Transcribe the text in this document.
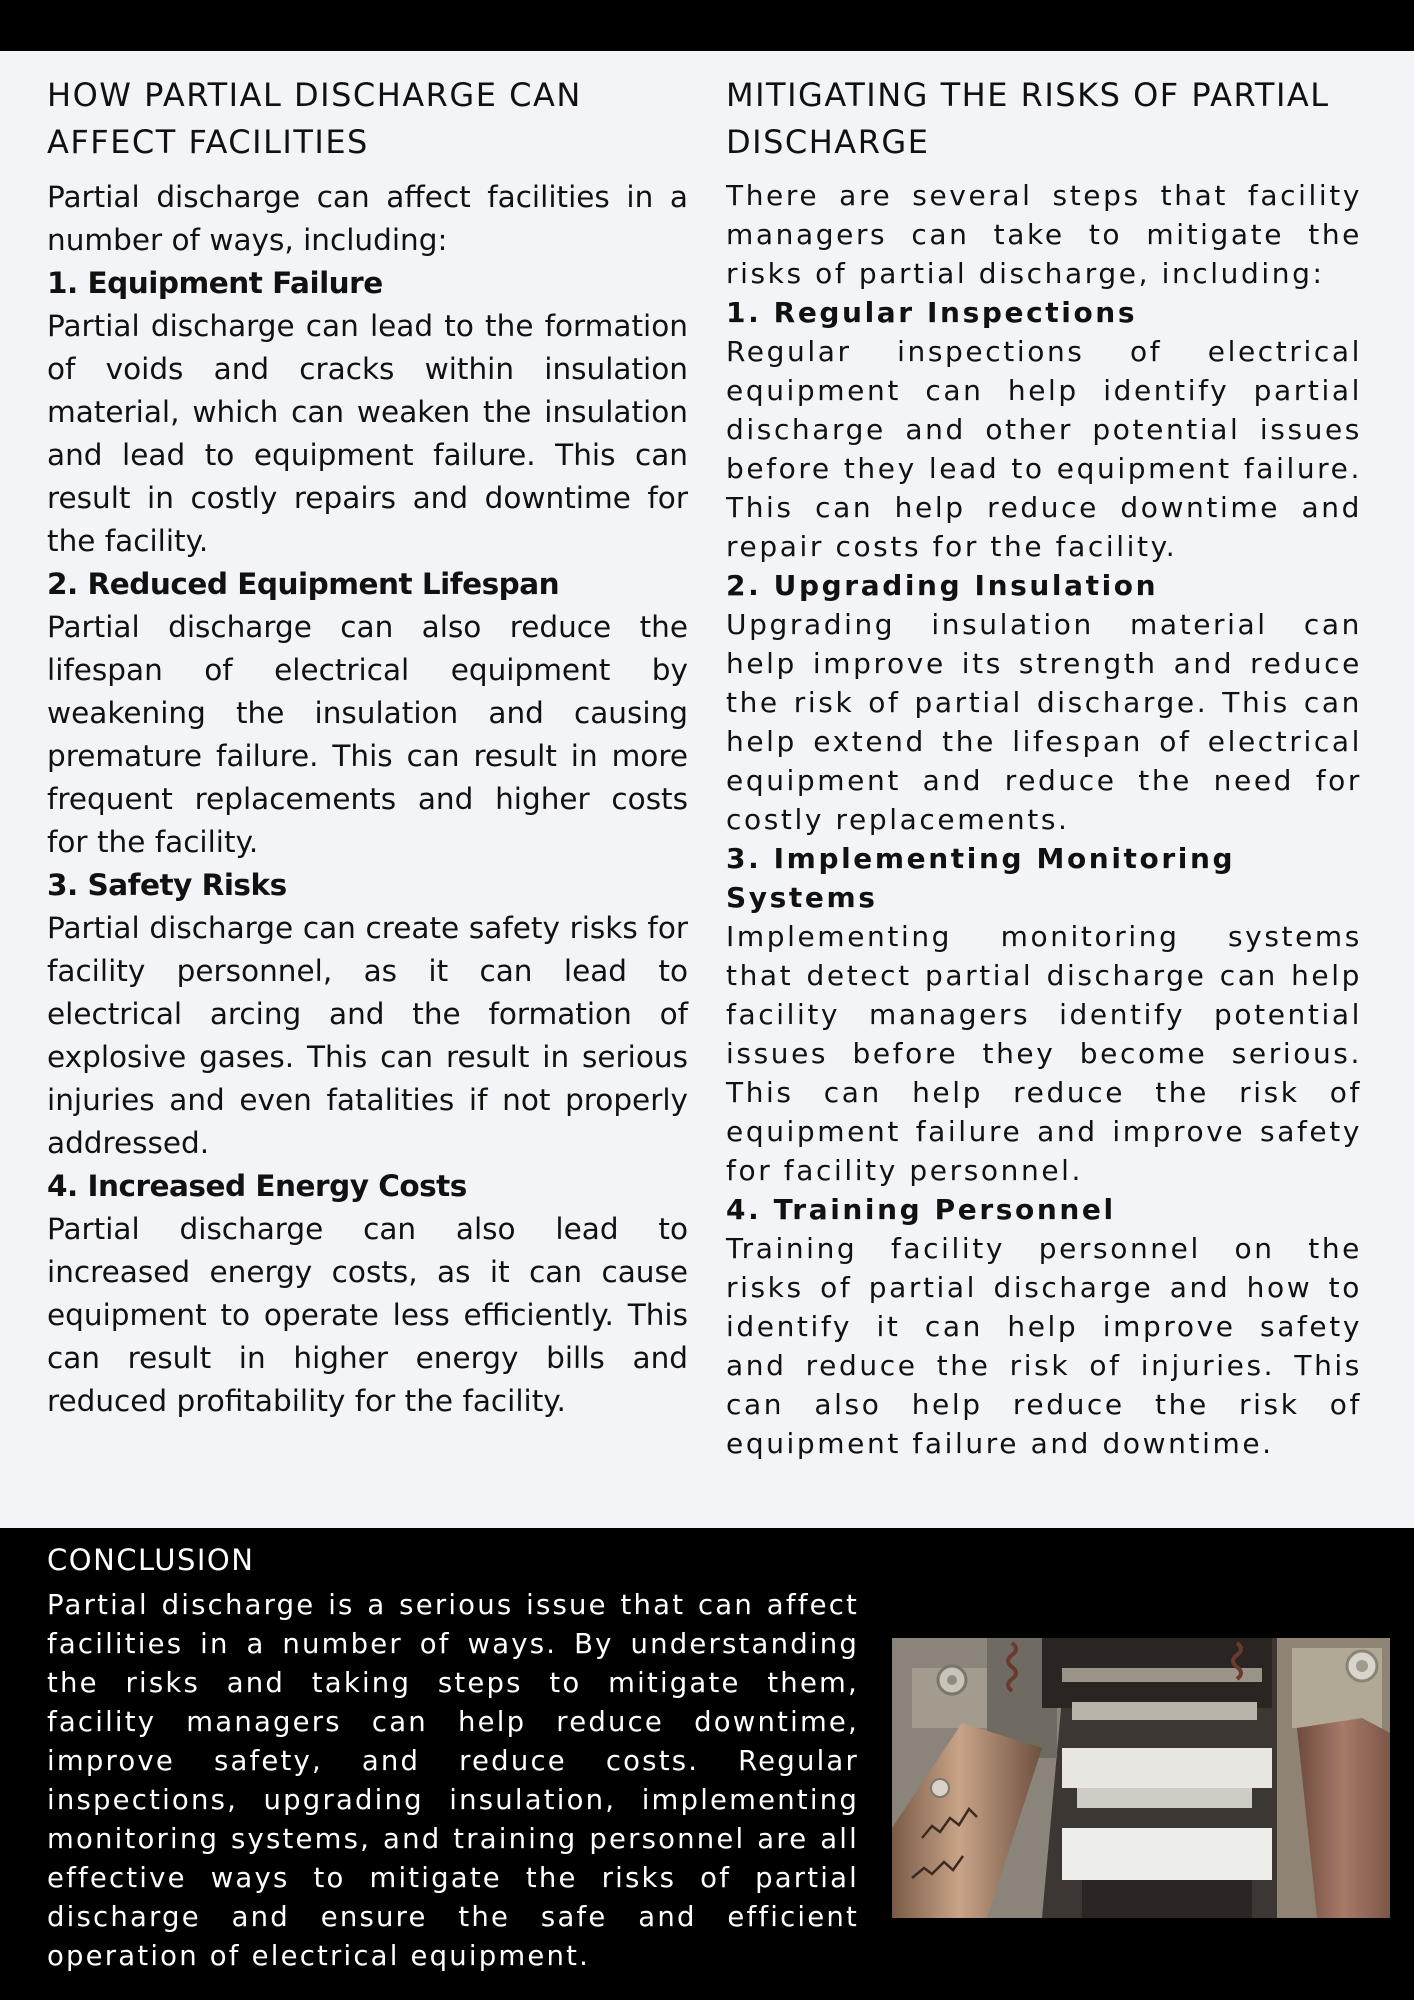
HOW PARTIAL DISCHARGE CAN AFFECT FACILITIES

Partial discharge can affect facilities in a number of ways, including:

1. Equipment Failure

Partial discharge can lead to the formation of voids and cracks within insulation material, which can weaken the insulation and lead to equipment failure. This can result in costly repairs and downtime for the facility.

2. Reduced Equipment Lifespan

Partial discharge can also reduce the lifespan of electrical equipment by weakening the insulation and causing premature failure. This can result in more frequent replacements and higher costs for the facility.

3. Safety Risks

Partial discharge can create safety risks for facility personnel, as it can lead to electrical arcing and the formation of explosive gases. This can result in serious injuries and even fatalities if not properly addressed.

4. Increased Energy Costs

Partial discharge can also lead to increased energy costs, as it can cause equipment to operate less efficiently. This can result in higher energy bills and reduced profitability for the facility.

MITIGATING THE RISKS OF PARTIAL DISCHARGE

There are several steps that facility managers can take to mitigate the risks of partial discharge, including:

1. Regular Inspections

Regular inspections of electrical equipment can help identify partial discharge and other potential issues before they lead to equipment failure. This can help reduce downtime and repair costs for the facility.

2. Upgrading Insulation

Upgrading insulation material can help improve its strength and reduce the risk of partial discharge. This can help extend the lifespan of electrical equipment and reduce the need for costly replacements.

3. Implementing Monitoring Systems

Implementing monitoring systems that detect partial discharge can help facility managers identify potential issues before they become serious. This can help reduce the risk of equipment failure and improve safety for facility personnel.

4. Training Personnel

Training facility personnel on the risks of partial discharge and how to identify it can help improve safety and reduce the risk of injuries. This can also help reduce the risk of equipment failure and downtime.

CONCLUSION

Partial discharge is a serious issue that can affect facilities in a number of ways. By understanding the risks and taking steps to mitigate them, facility managers can help reduce downtime, improve safety, and reduce costs. Regular inspections, upgrading insulation, implementing monitoring systems, and training personnel are all effective ways to mitigate the risks of partial discharge and ensure the safe and efficient operation of electrical equipment.
